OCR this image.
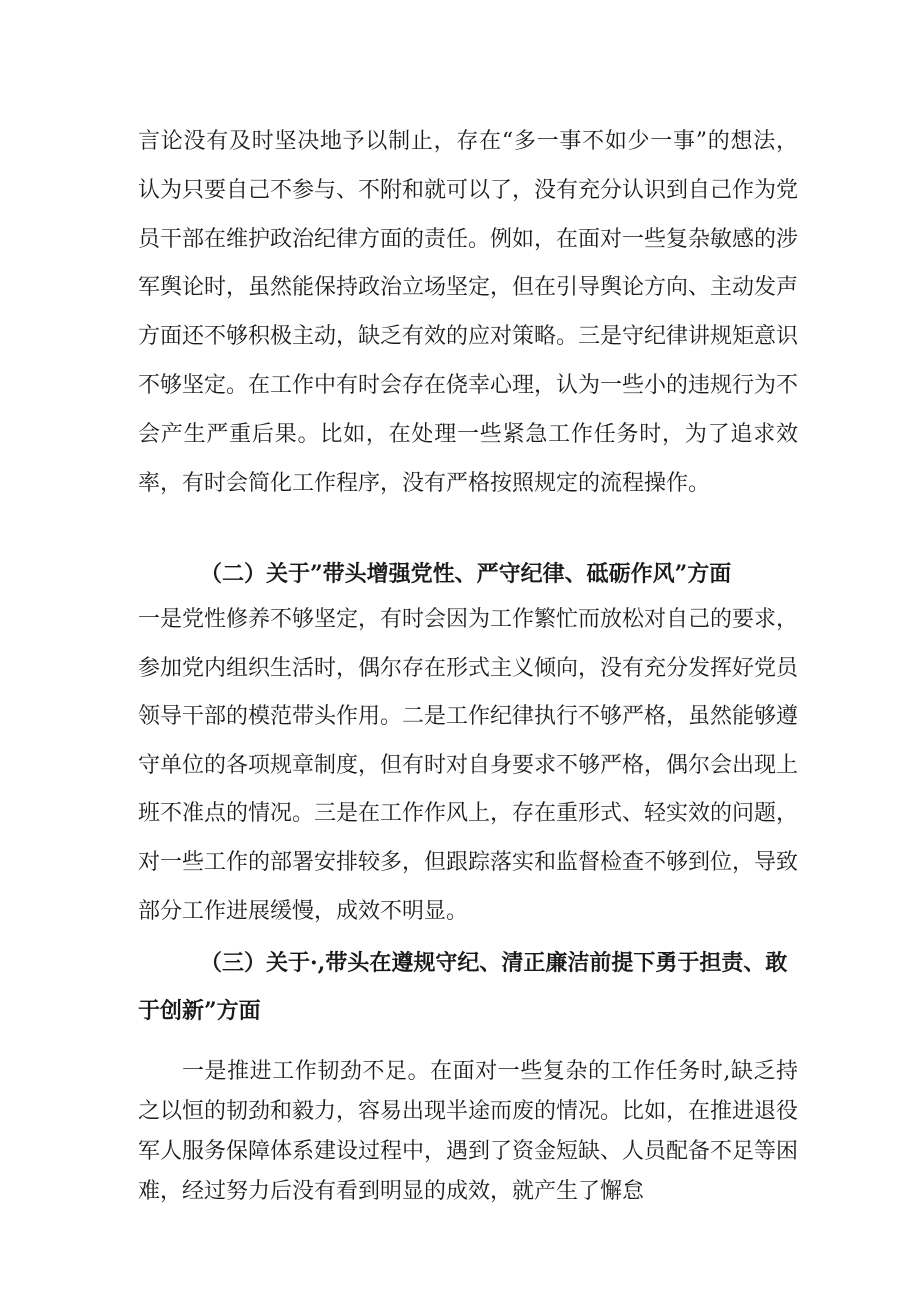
言论没有及时坚决地予以制止，存在“多一事不如少一事”的想法，认为只要自己不参与、不附和就可以了，没有充分认识到自己作为党员干部在维护政治纪律方面的责任。例如，在面对一些复杂敏感的涉军舆论时，虽然能保持政治立场坚定，但在引导舆论方向、主动发声方面还不够积极主动，缺乏有效的应对策略。三是守纪律讲规矩意识不够坚定。在工作中有时会存在侥幸心理，认为一些小的违规行为不会产生严重后果。比如，在处理一些紧急工作任务时，为了追求效率，有时会简化工作程序，没有严格按照规定的流程操作。

（二）关于”带头增强党性、严守纪律、砥砺作风”方面

一是党性修养不够坚定，有时会因为工作繁忙而放松对自己的要求，参加党内组织生活时，偶尔存在形式主义倾向，没有充分发挥好党员领导干部的模范带头作用。二是工作纪律执行不够严格，虽然能够遵守单位的各项规章制度，但有时对自身要求不够严格，偶尔会出现上班不准点的情况。三是在工作作风上，存在重形式、轻实效的问题，对一些工作的部署安排较多，但跟踪落实和监督检查不够到位，导致部分工作进展缓慢，成效不明显。

（三）关于·,带头在遵规守纪、清正廉洁前提下勇于担责、敢于创新”方面

一是推进工作韧劲不足。在面对一些复杂的工作任务时,缺乏持之以恒的韧劲和毅力，容易出现半途而废的情况。比如，在推进退役军人服务保障体系建设过程中，遇到了资金短缺、人员配备不足等困难，经过努力后没有看到明显的成效，就产生了懈怠
